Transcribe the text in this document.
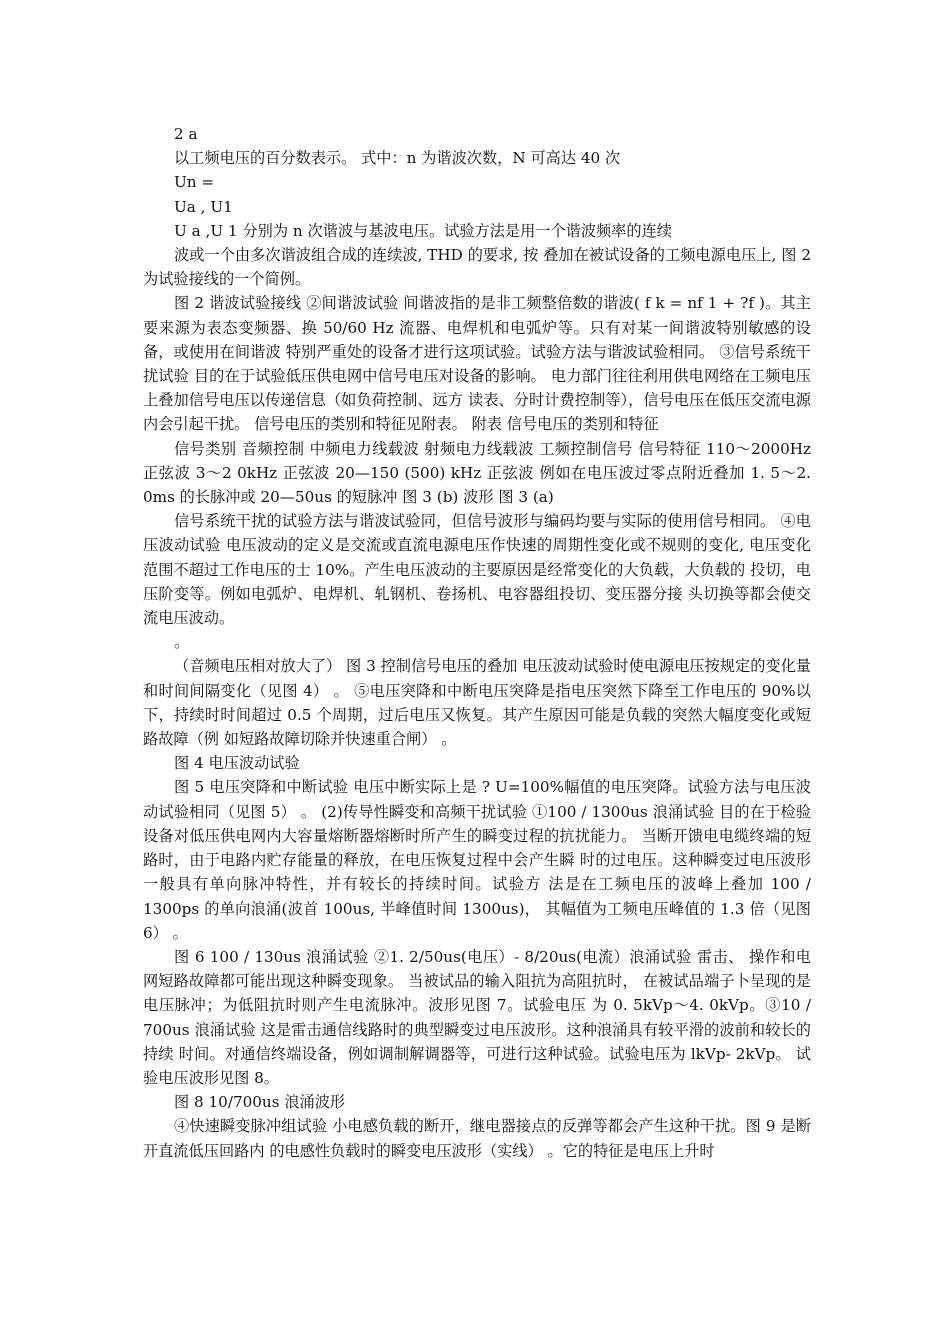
2 a

以工频电压的百分数表示。 式中：n 为谐波次数，N 可高达 40 次

Un =

Ua , U1

U a ,U 1 分别为 n 次谐波与基波电压。试验方法是用一个谐波频率的连续

波或一个由多次谐波组合成的连续波, THD 的要求, 按 叠加在被试设备的工频电源电压上, 图 2 为试验接线的一个简例。

图 2 谐波试验接线 ②间谐波试验 间谐波指的是非工频整倍数的谐波( f k = nf 1 + ?f )。其主要来源为表态变频器、换 50/60 Hz 流器、电焊机和电弧炉等。只有对某一间谐波特别敏感的设备，或使用在间谐波 特别严重处的设备才进行这项试验。试验方法与谐波试验相同。 ③信号系统干扰试验 目的在于试验低压供电网中信号电压对设备的影响。 电力部门往往利用供电网络在工频电压上叠加信号电压以传递信息（如负荷控制、远方 读表、分时计费控制等），信号电压在低压交流电源内会引起干扰。 信号电压的类别和特征见附表。 附表 信号电压的类别和特征

信号类别 音频控制 中频电力线载波 射频电力线载波 工频控制信号 信号特征 110～2000Hz 正弦波 3～2 0kHz 正弦波 20—150 (500) kHz 正弦波 例如在电压波过零点附近叠加 1. 5～2. 0ms 的长脉冲或 20—50us 的短脉冲 图 3 (b) 波形 图 3 (a)

信号系统干扰的试验方法与谐波试验同，但信号波形与编码均要与实际的使用信号相同。 ④电压波动试验 电压波动的定义是交流或直流电源电压作快速的周期性变化或不规则的变化, 电压变化 范围不超过工作电压的士 10%。产生电压波动的主要原因是经常变化的大负载，大负载的 投切，电压阶变等。例如电弧炉、电焊机、轧钢机、卷扬机、电容器组投切、变压器分接 头切换等都会使交流电压波动。

。

（音频电压相对放大了） 图 3 控制信号电压的叠加 电压波动试验时使电源电压按规定的变化量和时间间隔变化（见图 4） 。 ⑤电压突降和中断电压突降是指电压突然下降至工作电压的 90%以下，持续时时间超过 0.5 个周期，过后电压又恢复。其产生原因可能是负载的突然大幅度变化或短路故障（例 如短路故障切除并快速重合闸） 。

图 4 电压波动试验

图 5 电压突降和中断试验 电压中断实际上是 ? U=100%幅值的电压突降。试验方法与电压波动试验相同（见图 5） 。 (2)传导性瞬变和高频干扰试验 ①100 / 1300us 浪涌试验 目的在于检验设备对低压供电网内大容量熔断器熔断时所产生的瞬变过程的抗扰能力。 当断开馈电电缆终端的短路时，由于电路内贮存能量的释放，在电压恢复过程中会产生瞬 时的过电压。这种瞬变过电压波形一般具有单向脉冲特性，并有较长的持续时间。试验方 法是在工频电压的波峰上叠加 100 / 1300ps 的单向浪涌(波首 100us, 半峰值时间 1300us)， 其幅值为工频电压峰值的 1.3 倍（见图 6） 。

图 6 100 / 130us 浪涌试验 ②1. 2/50us(电压）- 8/20us(电流）浪涌试验 雷击、 操作和电网短路故障都可能出现这种瞬变现象。 当被试品的输入阻抗为高阻抗时， 在被试品端子卜呈现的是电压脉冲；为低阻抗时则产生电流脉冲。波形见图 7。试验电压 为 0. 5kVp～4. 0kVp。③10 / 700us 浪涌试验 这是雷击通信线路时的典型瞬变过电压波形。这种浪涌具有较平滑的波前和较长的持续 时间。对通信终端设备，例如调制解调器等，可进行这种试验。试验电压为 lkVp- 2kVp。 试验电压波形见图 8。

图 8 10/700us 浪涌波形

④快速瞬变脉冲组试验 小电感负载的断开，继电器接点的反弹等都会产生这种干扰。图 9 是断开直流低压回路内 的电感性负载时的瞬变电压波形（实线） 。它的特征是电压上升时
